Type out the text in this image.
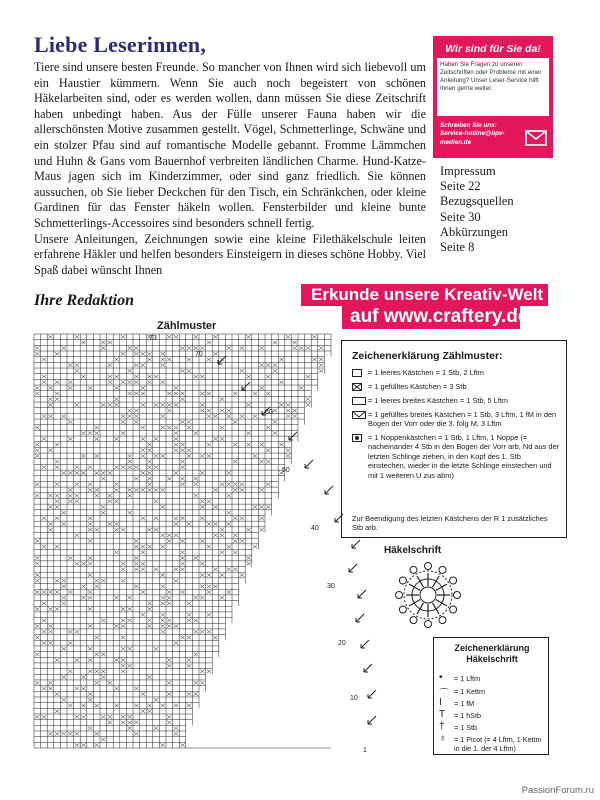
Liebe Leserinnen,

Tiere sind unsere besten Freunde. So mancher von Ihnen wird sich liebevoll um ein Haustier kümmern. Wenn Sie auch noch begeistert von schönen Häkelarbeiten sind, oder es werden wollen, dann müssen Sie diese Zeitschrift haben unbedingt haben. Aus der Fülle unserer Fauna haben wir die allerschönsten Motive zusammen gestellt. Vögel, Schmetterlinge, Schwäne und ein stolzer Pfau sind auf romantische Modelle gebannt. Fromme Lämmchen und Huhn & Gans vom Bauernhof verbreiten ländlichen Charme. Hund-Katze-Maus jagen sich im Kinderzimmer, oder sind ganz friedlich. Sie können aussuchen, ob Sie lieber Deckchen für den Tisch, ein Schränkchen, oder kleine Gardinen für das Fenster häkeln wollen. Fensterbilder und kleine bunte Schmetterlings-Accessoires sind besonders schnell fertig.

Unsere Anleitungen, Zeichnungen sowie eine kleine Filethäkelschule leiten erfahrene Häkler und helfen besonders Einsteigern in dieses schöne Hobby. Viel Spaß dabei wünscht Ihnen

Ihre Redaktion
Wir sind für Sie da!
Haben Sie Fragen zu unseren Zeitschriften oder Probleme mit einer Anleitung? Unser Leser-Service hilft Ihnen gerne weiter.
Schreiben Sie uns:
Service-hotline@bpv-medien.de
Impressum
Seite 22
Bezugsquellen
Seite 30
Abkürzungen
Seite 8
Erkunde unsere Kreativ-Welt
auf www.craftery.de
Zählmuster
73
70
60
50
40
30
20
10
1
Zeichenerklärung Zählmuster:
= 1 leeres Kästchen = 1 Stb, 2 Lftm
= 1 gefülltes Kästchen = 3 Stb
= 1 leeres breites Kästchen = 1 Stb, 5 Lftm
= 1 gefülltes breites Kästchen = 1 Stb, 3 Lftm, 1 fM in den Bogen der Vorr oder die 3. folg M, 3 Lftm
= 1 Noppenkästchen = 1 Stb, 1 Lftm, 1 Noppe (= nacheinander 4 Stb in den Bogen der Vorr arb, Nd aus der letzten Schlinge ziehen, in den Kopf des 1. Stb einstechen, wieder in die letzte Schlinge einstechen und mit 1 weiteren U zus abm)
Zur Beendigung des letzten Kästchens der R 1 zusätzliches Stb arb.
Häkelschrift
Zeichenerklärung Häkelschrift
• = 1 Lftm
⌒ = 1 Kettm
I = 1 fM
T = 1 hStb
† = 1 Stb
♁ = 1 Picot (= 4 Lftm, 1 Kettm in die 1. der 4 Lftm)
PassionForum.ru
